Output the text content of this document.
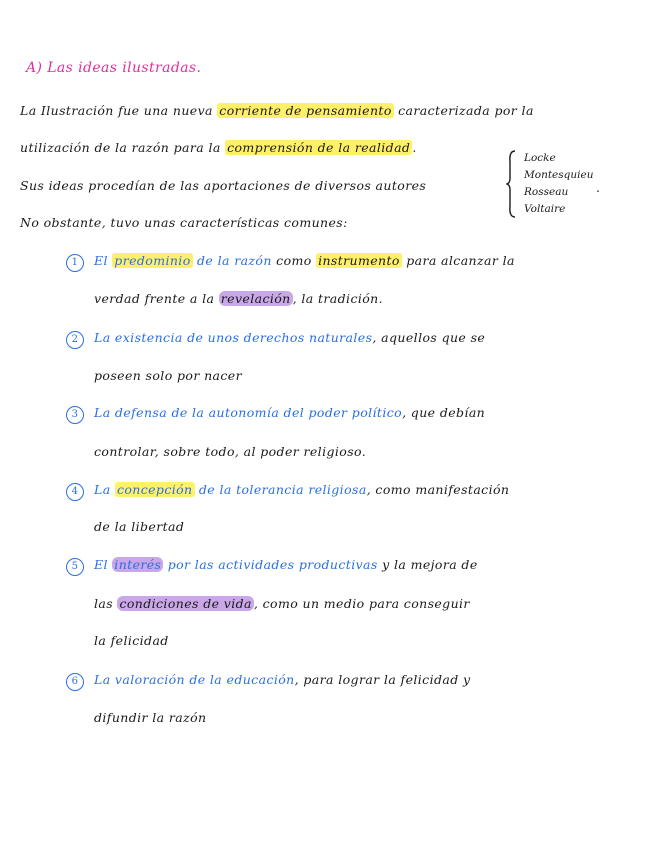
A) Las ideas ilustradas.
La Ilustración fue una nueva corriente de pensamiento caracterizada por la
utilización de la razón para la comprensión de la realidad .
Sus ideas procedían de las aportaciones de diversos autores
No obstante, tuvo unas características comunes:
Locke
Montesquieu
Rosseau
Voltaire
.
1 El predominio de la razón como instrumento para alcanzar la
verdad frente a la revelación , la tradición.
2 La existencia de unos derechos naturales, aquellos que se
poseen solo por nacer
3 La defensa de la autonomía del poder político, que debían
controlar, sobre todo, al poder religioso.
4 La concepción de la tolerancia religiosa, como manifestación
de la libertad
5 El interés por las actividades productivas y la mejora de
las condiciones de vida , como un medio para conseguir
la felicidad
6 La valoración de la educación, para lograr la felicidad y
difundir la razón
